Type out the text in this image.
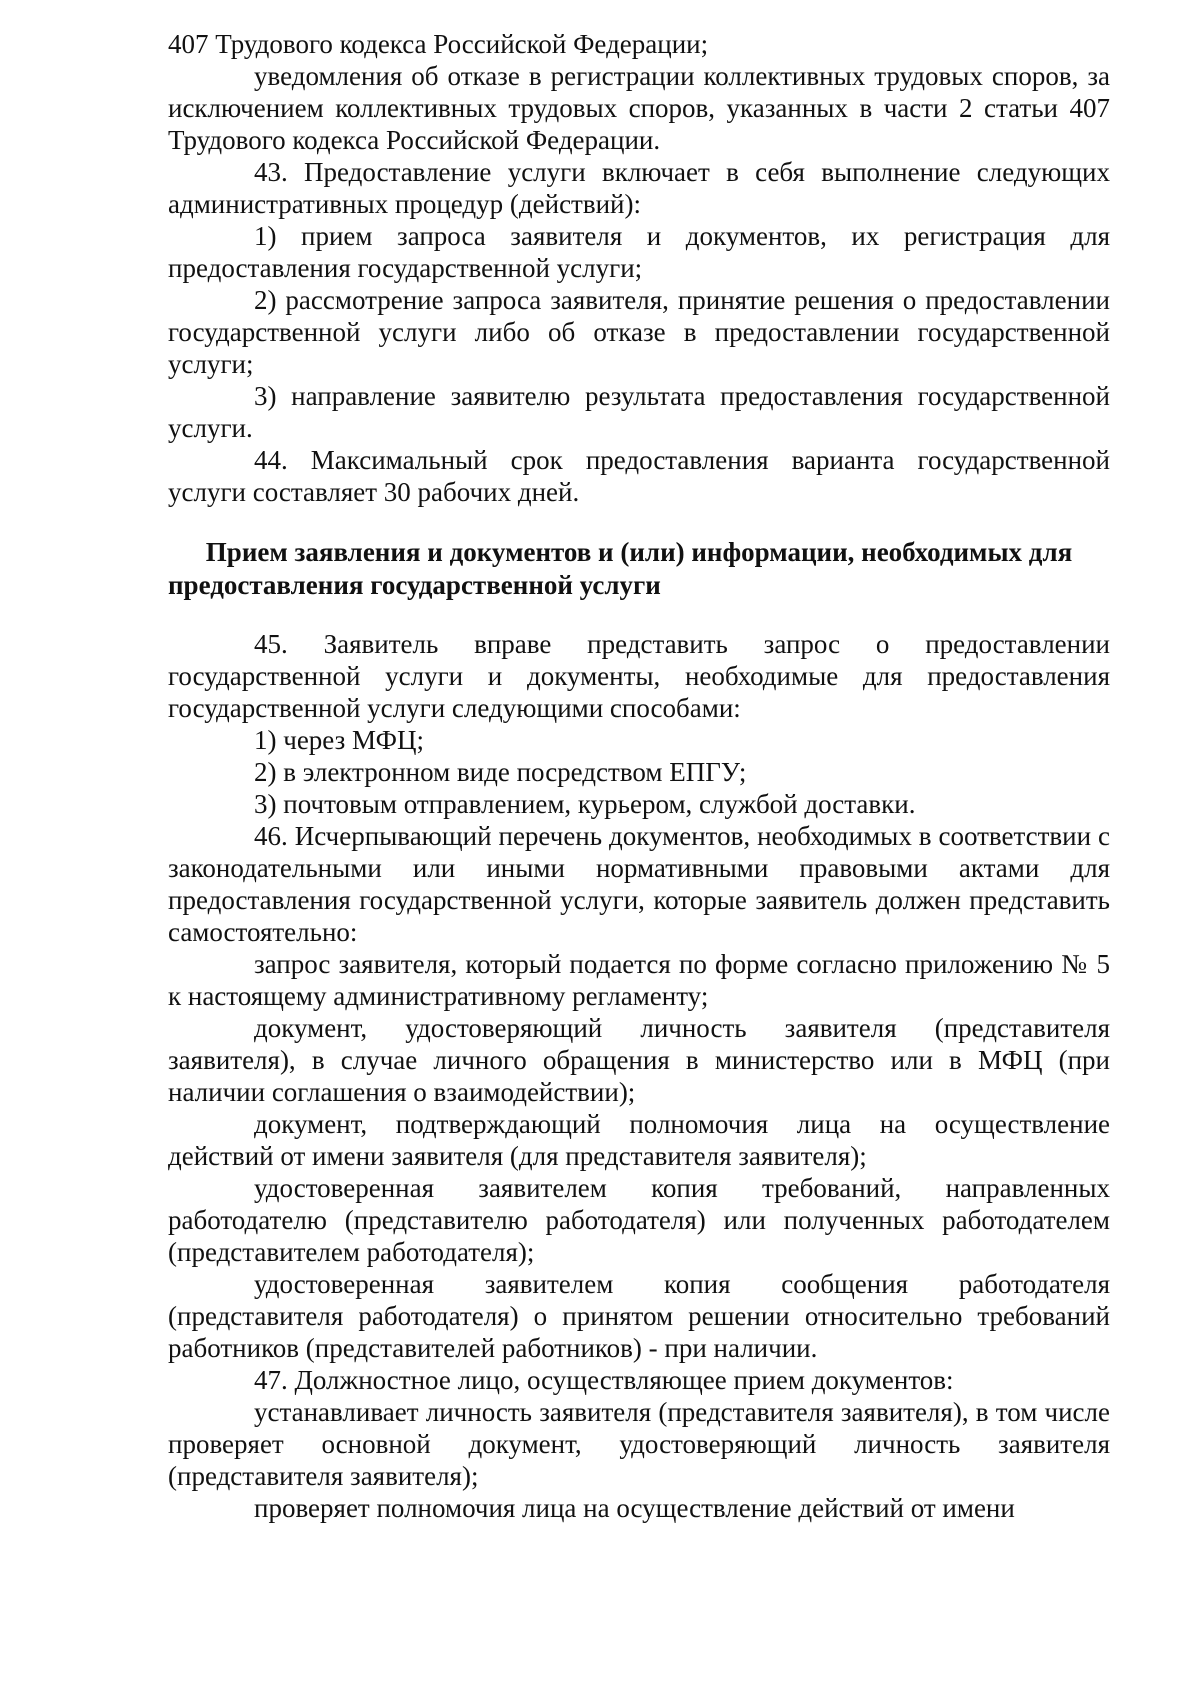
407 Трудового кодекса Российской Федерации;
уведомления об отказе в регистрации коллективных трудовых споров, за исключением коллективных трудовых споров, указанных в части 2 статьи 407 Трудового кодекса Российской Федерации.
43. Предоставление услуги включает в себя выполнение следующих административных процедур (действий):
1) прием запроса заявителя и документов, их регистрация для предоставления государственной услуги;
2) рассмотрение запроса заявителя, принятие решения о предоставлении государственной услуги либо об отказе в предоставлении государственной услуги;
3) направление заявителю результата предоставления государственной услуги.
44. Максимальный срок предоставления варианта государственной услуги составляет 30 рабочих дней.
Прием заявления и документов и (или) информации, необходимых для предоставления государственной услуги
45. Заявитель вправе представить запрос о предоставлении государственной услуги и документы, необходимые для предоставления государственной услуги следующими способами:
1) через МФЦ;
2) в электронном виде посредством ЕПГУ;
3) почтовым отправлением, курьером, службой доставки.
46. Исчерпывающий перечень документов, необходимых в соответствии с законодательными или иными нормативными правовыми актами для предоставления государственной услуги, которые заявитель должен представить самостоятельно:
запрос заявителя, который подается по форме согласно приложению № 5 к настоящему административному регламенту;
документ, удостоверяющий личность заявителя (представителя заявителя), в случае личного обращения в министерство или в МФЦ (при наличии соглашения о взаимодействии);
документ, подтверждающий полномочия лица на осуществление действий от имени заявителя (для представителя заявителя);
удостоверенная заявителем копия требований, направленных работодателю (представителю работодателя) или полученных работодателем (представителем работодателя);
удостоверенная заявителем копия сообщения работодателя (представителя работодателя) о принятом решении относительно требований работников (представителей работников) - при наличии.
47. Должностное лицо, осуществляющее прием документов:
устанавливает личность заявителя (представителя заявителя), в том числе проверяет основной документ, удостоверяющий личность заявителя (представителя заявителя);
проверяет полномочия лица на осуществление действий от имени
